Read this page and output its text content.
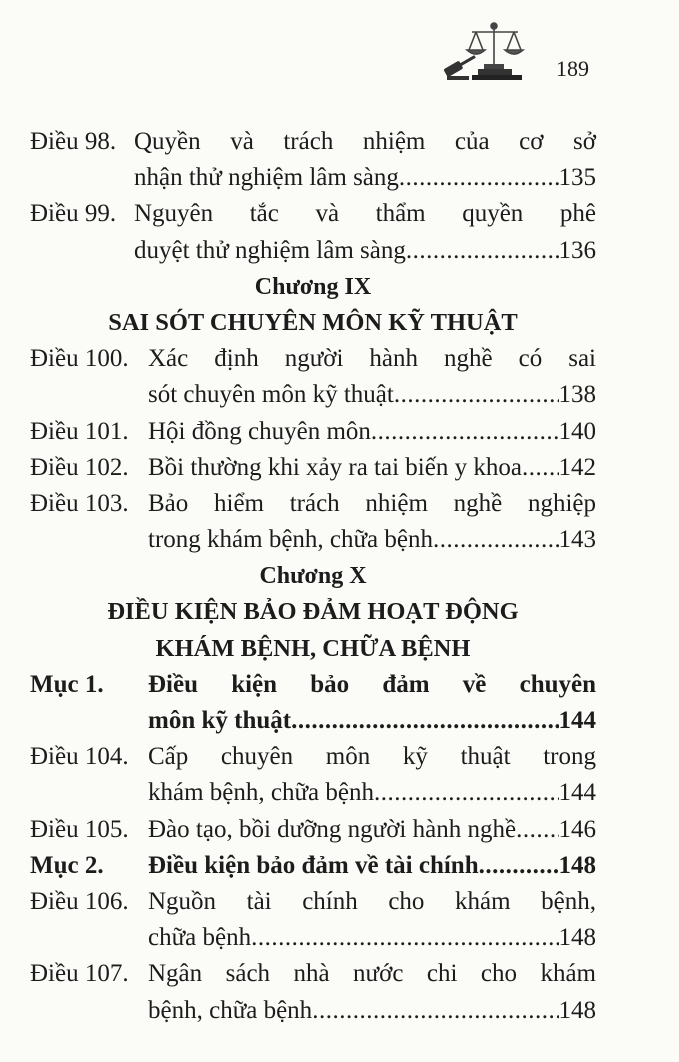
189
Điều 98. Quyền và trách nhiệm của cơ sở
nhận thử nghiệm lâm sàng .....	135
Điều 99. Nguyên tắc và thẩm quyền phê
duyệt thử nghiệm lâm sàng .....	136
Chương IX
SAI SÓT CHUYÊN MÔN KỸ THUẬT
Điều 100. Xác định người hành nghề có sai
sót chuyên môn kỹ thuật .....	138
Điều 101. Hội đồng chuyên môn .....	140
Điều 102. Bồi thường khi xảy ra tai biến y khoa ..... 142
Điều 103. Bảo hiểm trách nhiệm nghề nghiệp
trong khám bệnh, chữa bệnh .....	143
Chương X
ĐIỀU KIỆN BẢO ĐẢM HOẠT ĐỘNG
KHÁM BỆNH, CHỮA BỆNH
Mục 1. Điều kiện bảo đảm về chuyên
môn kỹ thuật .....	144
Điều 104. Cấp chuyên môn kỹ thuật trong
khám bệnh, chữa bệnh .....	144
Điều 105. Đào tạo, bồi dưỡng người hành nghề ..... 146
Mục 2. Điều kiện bảo đảm về tài chính .....	148
Điều 106. Nguồn tài chính cho khám bệnh,
chữa bệnh .....	148
Điều 107. Ngân sách nhà nước chi cho khám
bệnh, chữa bệnh .....	148
